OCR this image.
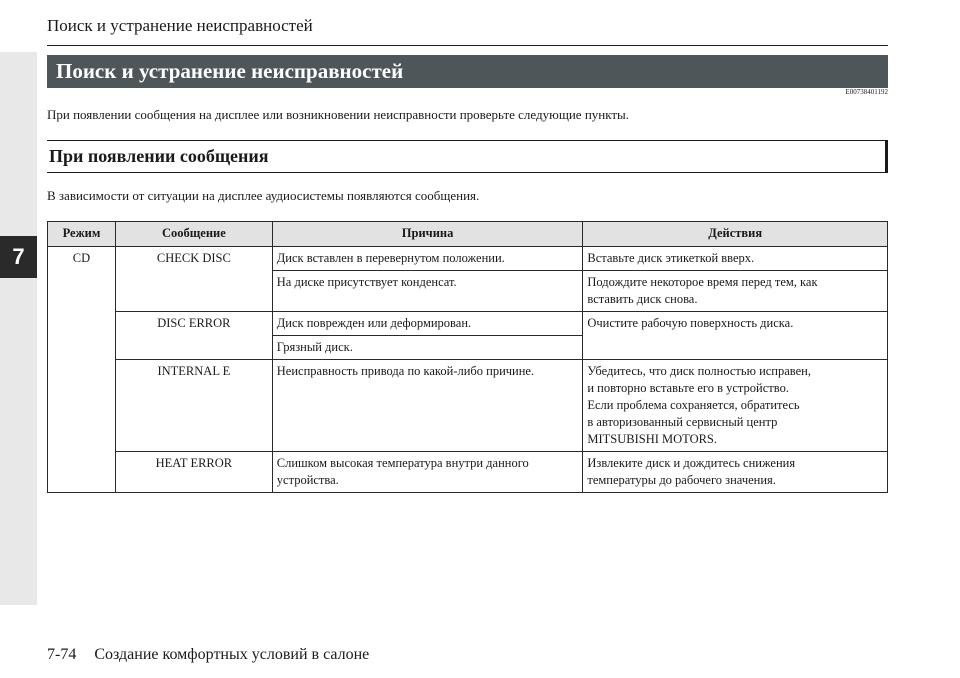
7
Поиск и устранение неисправностей
Поиск и устранение неисправностей
E00738401192
При появлении сообщения на дисплее или возникновении неисправности проверьте следующие пункты.
При появлении сообщения
В зависимости от ситуации на дисплее аудиосистемы появляются сообщения.
Режим	Сообщение	Причина	Действия
CD	CHECK DISC	Диск вставлен в перевернутом положении.	Вставьте диск этикеткой вверх.
		На диске присутствует конденсат.	Подождите некоторое время перед тем, как
вставить диск снова.

	DISC ERROR	Диск поврежден или деформирован.	Очистите рабочую поверхность диска.
		Грязный диск.	
	INTERNAL E	Неисправность привода по какой-либо причине.	Убедитесь, что диск полностью исправен,
и повторно вставьте его в устройство.
Если проблема сохраняется, обратитесь
в авторизованный сервисный центр
MITSUBISHI MOTORS.

	HEAT ERROR	Слишком высокая температура внутри данного
устройства.	Извлеките диск и дождитесь снижения
температуры до рабочего значения.
7-74 Создание комфортных условий в салоне
